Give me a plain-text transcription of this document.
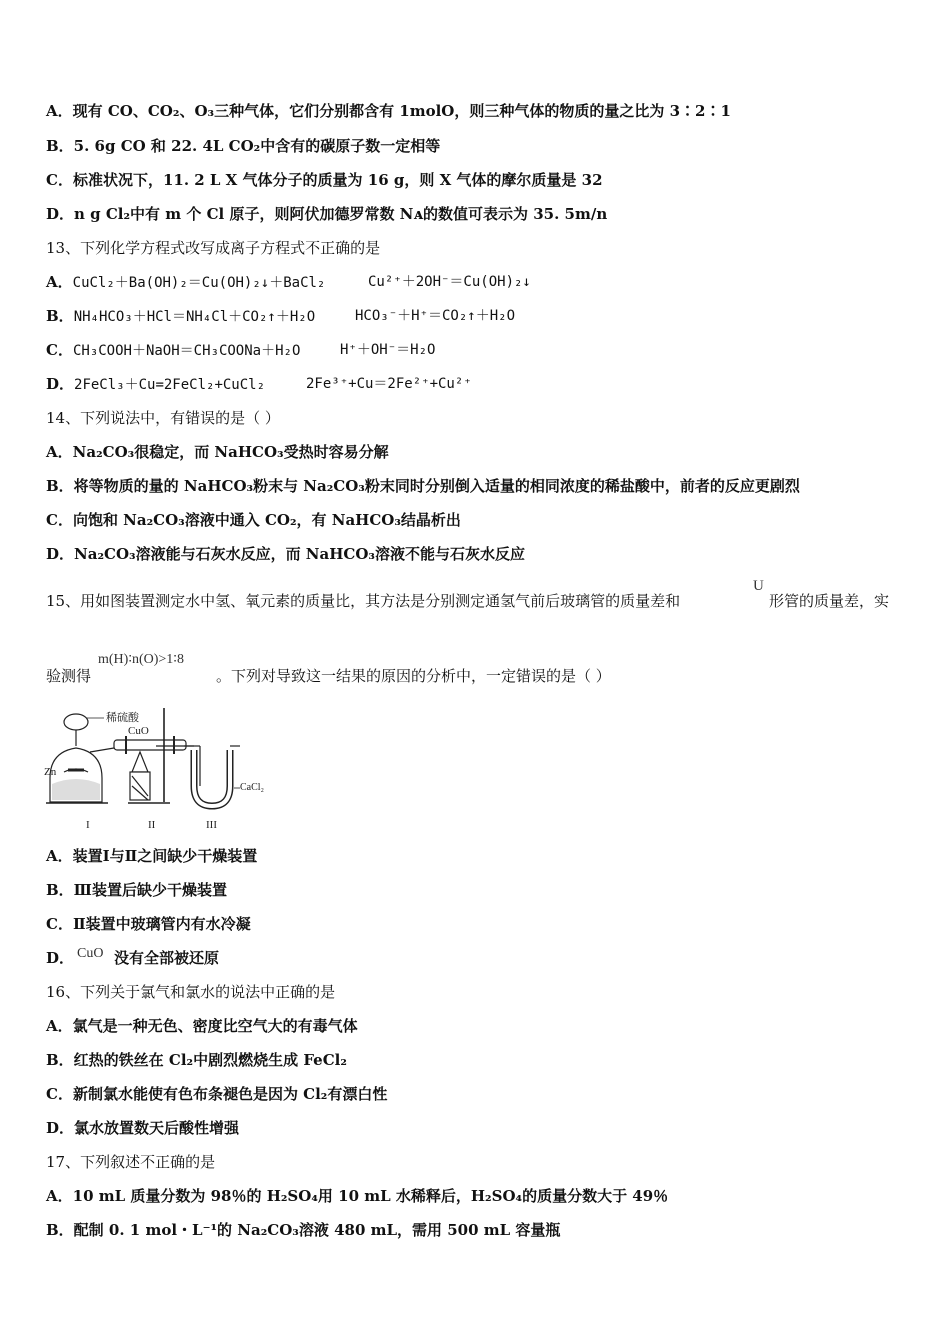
A．现有 CO、CO₂、O₃三种气体，它们分别都含有 1molO，则三种气体的物质的量之比为 3∶2∶1
B．5. 6g CO 和 22. 4L CO₂中含有的碳原子数一定相等
C．标准状况下，11. 2 L X 气体分子的质量为 16 g，则 X 气体的摩尔质量是 32
D．n g Cl₂中有 m 个 Cl 原子，则阿伏加德罗常数 Nᴀ的数值可表示为 35. 5m/n
13、下列化学方程式改写成离子方程式不正确的是
A．CuCl₂＋Ba(OH)₂＝Cu(OH)₂↓＋BaCl₂	Cu²⁺＋2OH⁻＝Cu(OH)₂↓
B．NH₄HCO₃＋HCl＝NH₄Cl＋CO₂↑＋H₂O	HCO₃⁻＋H⁺＝CO₂↑＋H₂O
C．CH₃COOH＋NaOH＝CH₃COONa＋H₂O	H⁺＋OH⁻＝H₂O
D．2FeCl₃＋Cu=2FeCl₂+CuCl₂	2Fe³⁺+Cu＝2Fe²⁺+Cu²⁺
14、下列说法中，有错误的是（ ）
A．Na₂CO₃很稳定，而 NaHCO₃受热时容易分解
B．将等物质的量的 NaHCO₃粉末与 Na₂CO₃粉末同时分别倒入适量的相同浓度的稀盐酸中，前者的反应更剧烈
C．向饱和 Na₂CO₃溶液中通入 CO₂，有 NaHCO₃结晶析出
D．Na₂CO₃溶液能与石灰水反应，而 NaHCO₃溶液不能与石灰水反应
15、用如图装置测定水中氢、氧元素的质量比，其方法是分别测定通氢气前后玻璃管的质量差和
U
形管的质量差，实
验测得
m(H)∶n(O)>1∶8
。下列对导致这一结果的原因的分析中，一定错误的是（ ）
稀硫酸
CuO
Zn
CaCl₂
I	II	III
A．装置Ⅰ与Ⅱ之间缺少干燥装置
B．Ⅲ装置后缺少干燥装置
C．Ⅱ装置中玻璃管内有水冷凝
D． CuO 没有全部被还原
16、下列关于氯气和氯水的说法中正确的是
A．氯气是一种无色、密度比空气大的有毒气体
B．红热的铁丝在 Cl₂中剧烈燃烧生成 FeCl₂
C．新制氯水能使有色布条褪色是因为 Cl₂有漂白性
D．氯水放置数天后酸性增强
17、下列叙述不正确的是
A．10 mL 质量分数为 98％的 H₂SO₄用 10 mL 水稀释后，H₂SO₄的质量分数大于 49％
B．配制 0. 1 mol・L⁻¹的 Na₂CO₃溶液 480 mL，需用 500 mL 容量瓶
